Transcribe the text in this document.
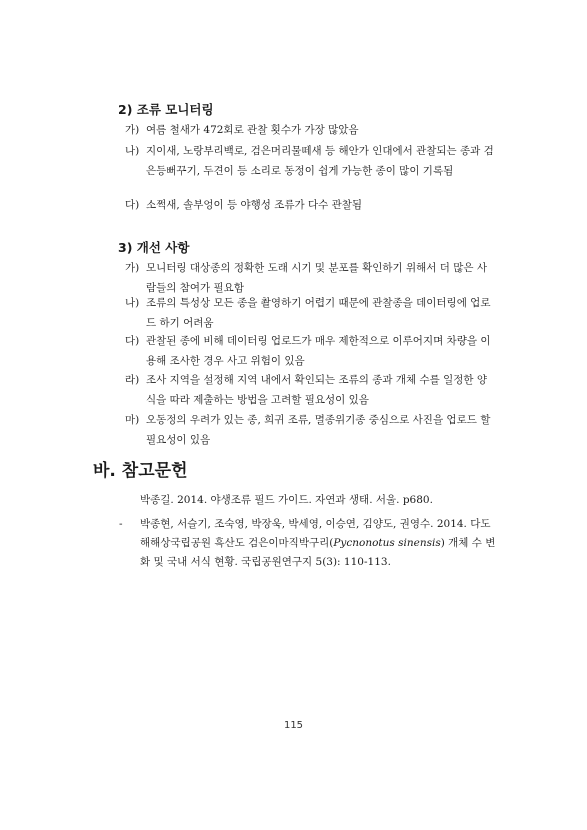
2) 조류 모니터링
가) 여름 철새가 472회로 관찰 횟수가 가장 많았음
나) 지이새, 노랑부리백로, 검은머리물떼새 등 해안가 인대에서 관찰되는 종과 검은등뻐꾸기, 두견이 등 소리로 동정이 쉽게 가능한 종이 많이 기록됨
다) 소쩍새, 솔부엉이 등 야행성 조류가 다수 관찰됨
3) 개선 사항
가) 모니터링 대상종의 정확한 도래 시기 및 분포를 확인하기 위해서 더 많은 사람들의 참여가 필요함
나) 조류의 특성상 모든 종을 촬영하기 어렵기 때문에 관찰종을 데이터링에 업로드 하기 어려움
다) 관찰된 종에 비해 데이터링 업로드가 매우 제한적으로 이루어지며 차량을 이용해 조사한 경우 사고 위험이 있음
라) 조사 지역을 설정해 지역 내에서 확인되는 조류의 종과 개체 수를 일정한 양식을 따라 제출하는 방법을 고려할 필요성이 있음
마) 오동정의 우려가 있는 종, 희귀 조류, 멸종위기종 중심으로 사진을 업로드 할 필요성이 있음
바. 참고문헌
박종길. 2014. 야생조류 필드 가이드. 자연과 생태. 서울. p680.
- 박종현, 서슬기, 조숙영, 박장욱, 박세영, 이승연, 김양도, 권영수. 2014. 다도해해상국립공원 흑산도 검은이마직박구리(Pycnonotus sinensis) 개체 수 변화 및 국내 서식 현황. 국립공원연구지 5(3): 110-113.
115
